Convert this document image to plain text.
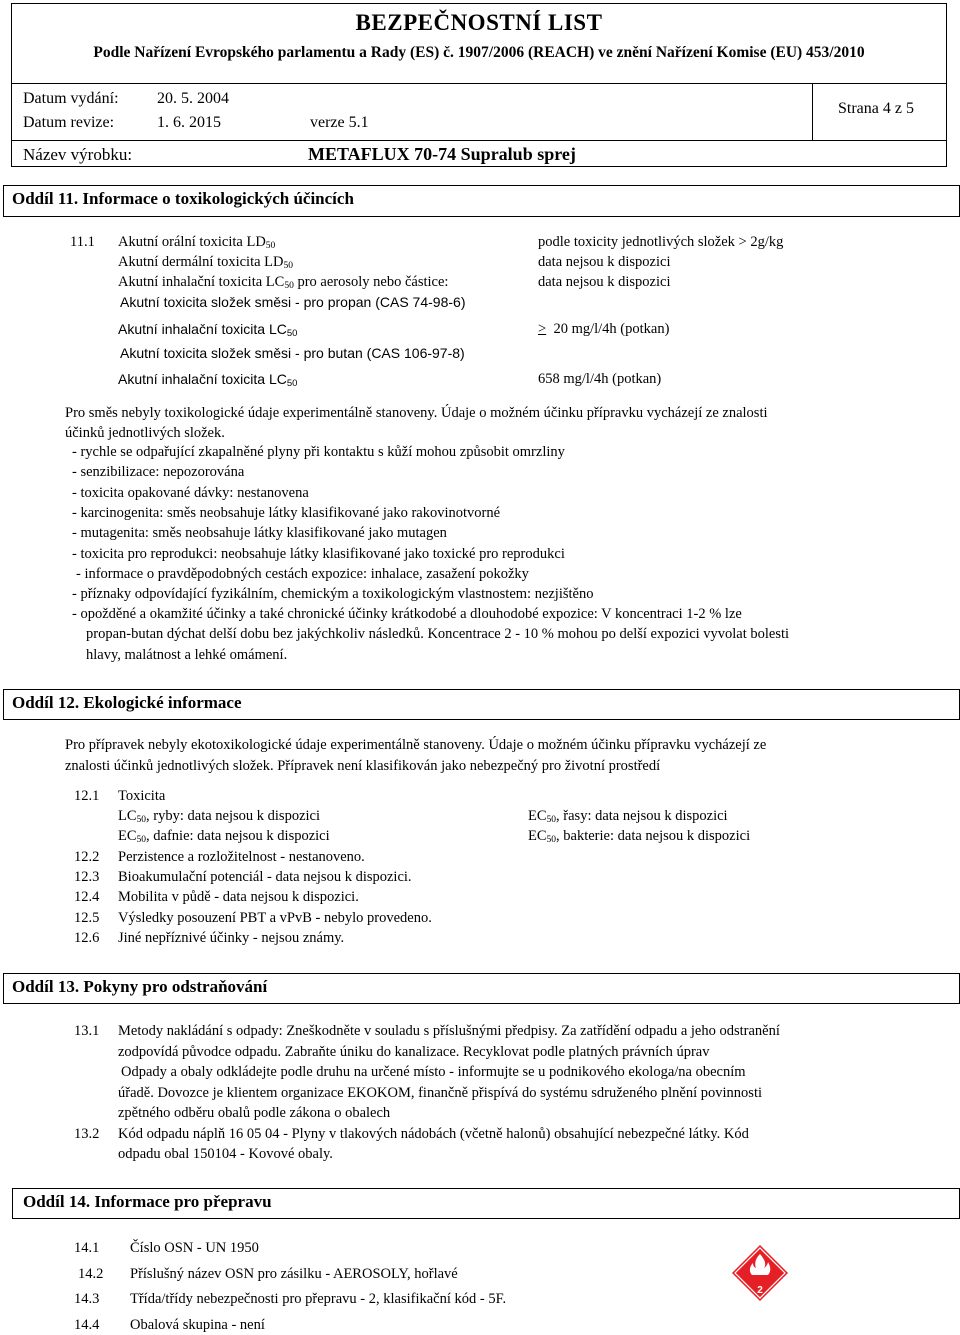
BEZPEČNOSTNÍ LIST
Podle Nařízení Evropského parlamentu a Rady (ES) č. 1907/2006 (REACH) ve znění Nařízení Komise (EU) 453/2010
Datum vydání: 20. 5. 2004
Datum revize:	1. 6. 2015	verze 5.1
Strana 4 z 5
Název výrobku:	METAFLUX 70-74 Supralub sprej
Oddíl 11. Informace o toxikologických účincích
11.1 Akutní orální toxicita $LD_{50}$	podle toxicity jednotlivých složek > 2g/kg
Akutní dermální toxicita $LD_{50}$	data nejsou k dispozici
Akutní inhalační toxicita $LC_{50}$ pro aerosoly nebo částice:	data nejsou k dispozici
Akutní toxicita složek směsi - pro propan (CAS 74-98-6)
Akutní inhalační toxicita $LC_{50}$	≥ 20 mg/l/4h (potkan)
Akutní toxicita složek směsi - pro butan (CAS 106-97-8)
Akutní inhalační toxicita $LC_{50}$	658 mg/l/4h (potkan)
Pro směs nebyly toxikologické údaje experimentálně stanoveny. Údaje o možném účinku přípravku vycházejí ze znalosti
účinků jednotlivých složek.
- rychle se odpařující zkapalněné plyny při kontaktu s kůží mohou způsobit omrzliny
- senzibilizace: nepozorována
- toxicita opakované dávky: nestanovena
- karcinogenita: směs neobsahuje látky klasifikované jako rakovinotvorné
- mutagenita: směs neobsahuje látky klasifikované jako mutagen
- toxicita pro reprodukci: neobsahuje látky klasifikované jako toxické pro reprodukci
- informace o pravděpodobných cestách expozice: inhalace, zasažení pokožky
- příznaky odpovídající fyzikálním, chemickým a toxikologickým vlastnostem: nezjištěno
- opožděné a okamžité účinky a také chronické účinky krátkodobé a dlouhodobé expozice: V koncentraci 1-2 % lze
propan-butan dýchat delší dobu bez jakýchkoliv následků. Koncentrace 2 - 10 % mohou po delší expozici vyvolat bolesti
hlavy, malátnost a lehké omámení.
Oddíl 12. Ekologické informace
Pro přípravek nebyly ekotoxikologické údaje experimentálně stanoveny. Údaje o možném účinku přípravku vycházejí ze
znalosti účinků jednotlivých složek. Přípravek není klasifikován jako nebezpečný pro životní prostředí
12.1 Toxicita
$LC_{50}$, ryby: data nejsou k dispozici	$EC_{50}$, řasy: data nejsou k dispozici
$EC_{50}$, dafnie: data nejsou k dispozici	$EC_{50}$, bakterie: data nejsou k dispozici
12.2 Perzistence a rozložitelnost - nestanoveno.
12.3 Bioakumulační potenciál - data nejsou k dispozici.
12.4 Mobilita v půdě - data nejsou k dispozici.
12.5 Výsledky posouzení PBT a vPvB - nebylo provedeno.
12.6 Jiné nepříznivé účinky - nejsou známy.
Oddíl 13. Pokyny pro odstraňování
13.1 Metody nakládání s odpady: Zneškodněte v souladu s příslušnými předpisy. Za zatřídění odpadu a jeho odstranění
zodpovídá původce odpadu. Zabraňte úniku do kanalizace. Recyklovat podle platných právních úprav
Odpady a obaly odkládejte podle druhu na určené místo - informujte se u podnikového ekologa/na obecním
úřadě. Dovozce je klientem organizace EKOKOM, finančně přispívá do systému sdruženého plnění povinnosti
zpětného odběru obalů podle zákona o obalech
13.2 Kód odpadu náplň 16 05 04 - Plyny v tlakových nádobách (včetně halonů) obsahující nebezpečné látky. Kód
odpadu obal 150104 - Kovové obaly.
Oddíl 14. Informace pro přepravu
14.1 Číslo OSN - UN 1950
14.2 Příslušný název OSN pro zásilku - AEROSOLY, hořlavé
14.3 Třída/třídy nebezpečnosti pro přepravu - 2, klasifikační kód - 5F.
14.4 Obalová skupina - není
2
